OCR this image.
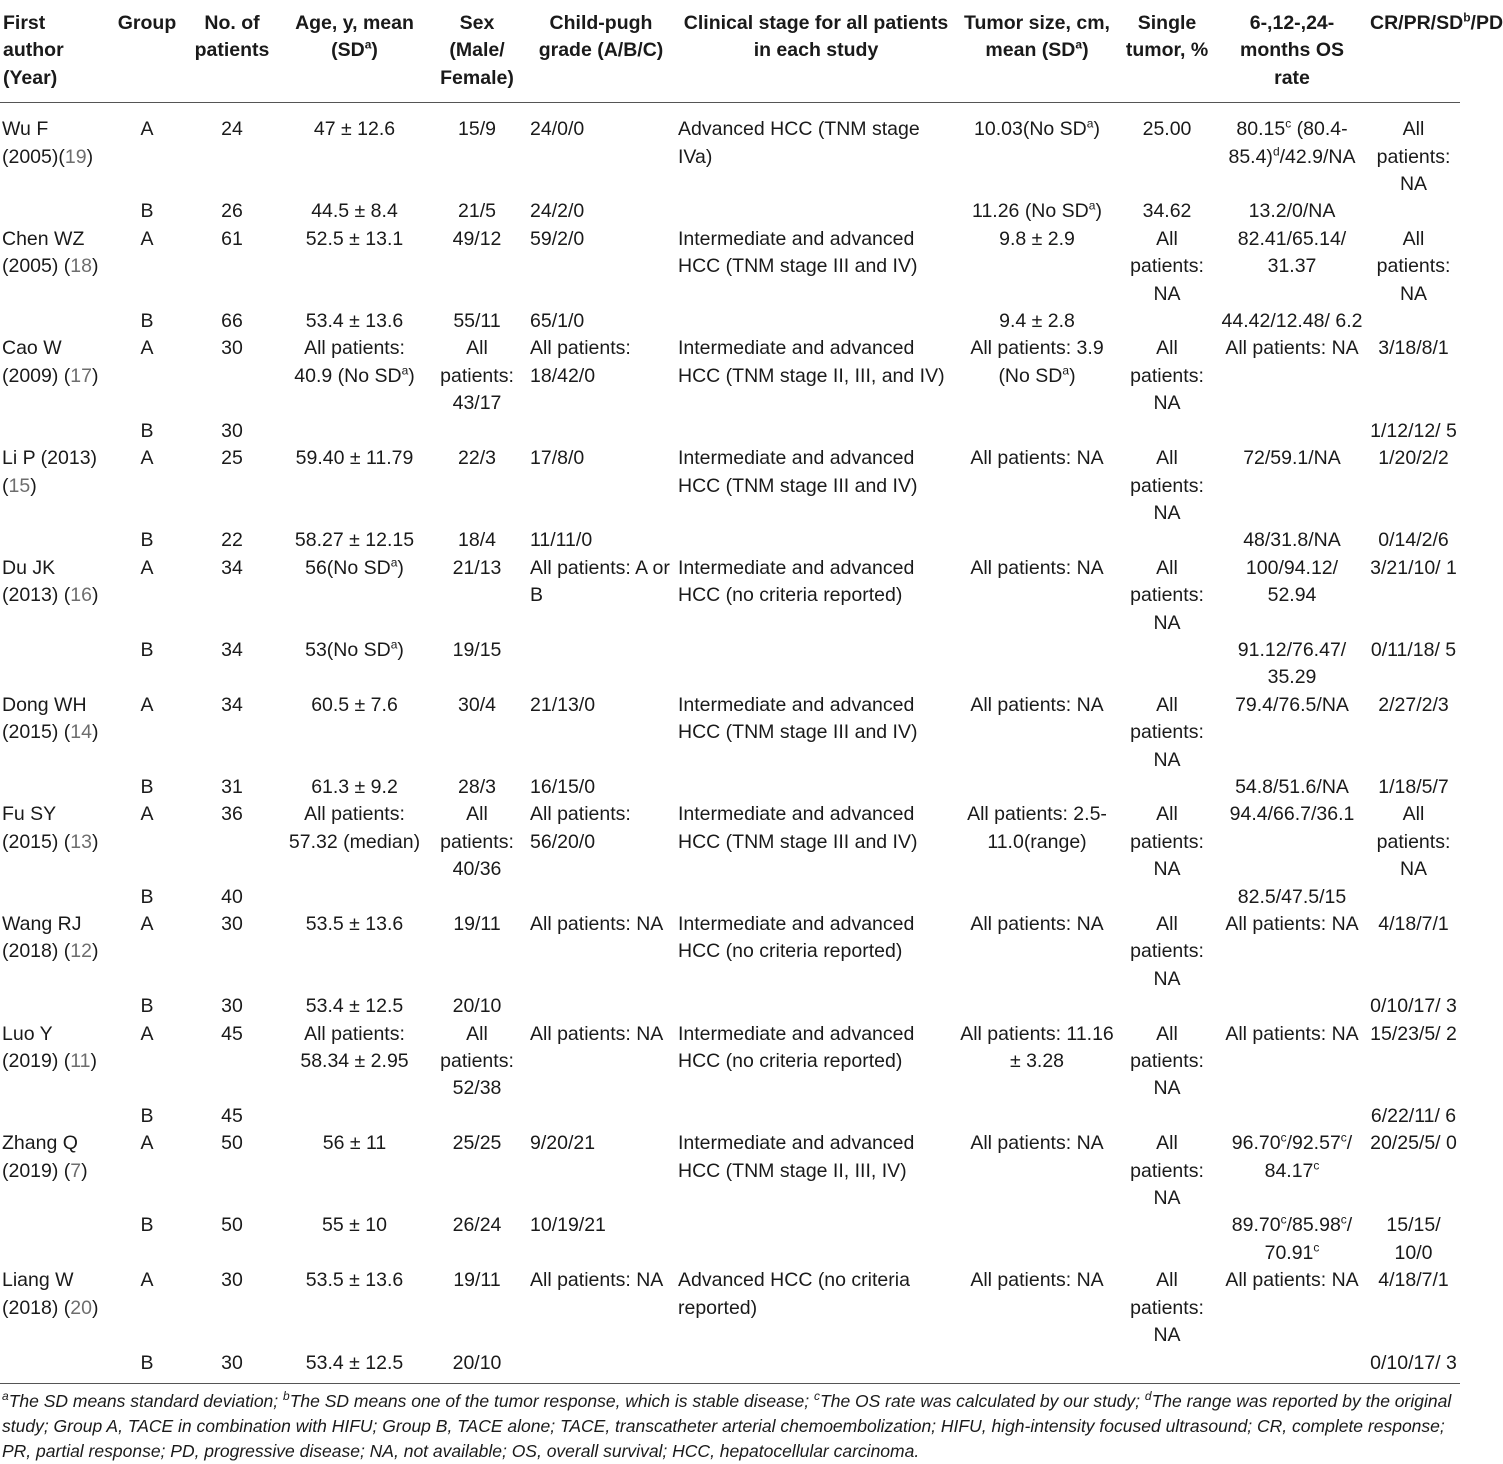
First author (Year)	Group	No. of patients	Age, y, mean $(SD^a)$	Sex (Male/ Female)	Child-pugh grade (A/B/C)	Clinical stage for all patients in each study	Tumor size, cm, mean $(SD^a)$	Single tumor, %	6-,12-,24-months OS rate	$CR/PR/SD^b/PD$
Wu F (2005)(19)	A	24	47 ± 12.6	15/9	24/0/0	Advanced HCC (TNM stage IVa)	10.03(No $SD^a$)	25.00	80.15$^c$ $(80.4-85.4)^d/42.9/NA$	All patients: NA
	B	26	44.5 ± 8.4	21/5	24/2/0		11.26 (No $SD^a$)	34.62	13.2/0/NA	
Chen WZ (2005) (18)	A	61	52.5 ± 13.1	49/12	59/2/0	Intermediate and advanced HCC (TNM stage III and IV)	9.8 ± 2.9	All patients: NA	82.41/65.14/ 31.37	All patients: NA
	B	66	53.4 ± 13.6	55/11	65/1/0		9.4 ± 2.8		44.42/12.48/ 6.2	
Cao W (2009) (17)	A	30	All patients: 40.9 (No $SD^a$)	All patients: 43/17	All patients: 18/42/0	Intermediate and advanced HCC (TNM stage II, III, and IV)	All patients: 3.9 (No $SD^a$)	All patients: NA	All patients: NA	3/18/8/1
	B	30								1/12/12/ 5
Li P (2013) (15)	A	25	59.40 ± 11.79	22/3	17/8/0	Intermediate and advanced HCC (TNM stage III and IV)	All patients: NA	All patients: NA	72/59.1/NA	1/20/2/2
	B	22	58.27 ± 12.15	18/4	11/11/0				48/31.8/NA	0/14/2/6
Du JK (2013) (16)	A	34	56(No $SD^a$)	21/13	All patients: A or B	Intermediate and advanced HCC (no criteria reported)	All patients: NA	All patients: NA	100/94.12/ 52.94	3/21/10/ 1
	B	34	53(No $SD^a$)	19/15					91.12/76.47/ 35.29	0/11/18/ 5
Dong WH (2015) (14)	A	34	60.5 ± 7.6	30/4	21/13/0	Intermediate and advanced HCC (TNM stage III and IV)	All patients: NA	All patients: NA	79.4/76.5/NA	2/27/2/3
	B	31	61.3 ± 9.2	28/3	16/15/0				54.8/51.6/NA	1/18/5/7
Fu SY (2015) (13)	A	36	All patients: 57.32 (median)	All patients: 40/36	All patients: 56/20/0	Intermediate and advanced HCC (TNM stage III and IV)	All patients: 2.5-11.0(range)	All patients: NA	94.4/66.7/36.1	All patients: NA
	B	40							82.5/47.5/15	
Wang RJ (2018) (12)	A	30	53.5 ± 13.6	19/11	All patients: NA	Intermediate and advanced HCC (no criteria reported)	All patients: NA	All patients: NA	All patients: NA	4/18/7/1
	B	30	53.4 ± 12.5	20/10						0/10/17/ 3
Luo Y (2019) (11)	A	45	All patients: 58.34 ± 2.95	All patients: 52/38	All patients: NA	Intermediate and advanced HCC (no criteria reported)	All patients: 11.16 ± 3.28	All patients: NA	All patients: NA	15/23/5/ 2
	B	45								6/22/11/ 6
Zhang Q (2019) (7)	A	50	56 ± 11	25/25	9/20/21	Intermediate and advanced HCC (TNM stage II, III, IV)	All patients: NA	All patients: NA	96.70$^c$/92.57$^c$/ 84.17$^c$	20/25/5/ 0
	B	50	55 ± 10	26/24	10/19/21				89.70$^c$/85.98$^c$/ 70.91$^c$	15/15/ 10/0
Liang W (2018) (20)	A	30	53.5 ± 13.6	19/11	All patients: NA	Advanced HCC (no criteria reported)	All patients: NA	All patients: NA	All patients: NA	4/18/7/1
	B	30	53.4 ± 12.5	20/10						0/10/17/ 3
$^a$The SD means standard deviation; $^b$The SD means one of the tumor response, which is stable disease; $^c$The OS rate was calculated by our study; $^d$The range was reported by the original study; Group A, TACE in combination with HIFU; Group B, TACE alone; TACE, transcatheter arterial chemoembolization; HIFU, high-intensity focused ultrasound; CR, complete response; PR, partial response; PD, progressive disease; NA, not available; OS, overall survival; HCC, hepatocellular carcinoma.
